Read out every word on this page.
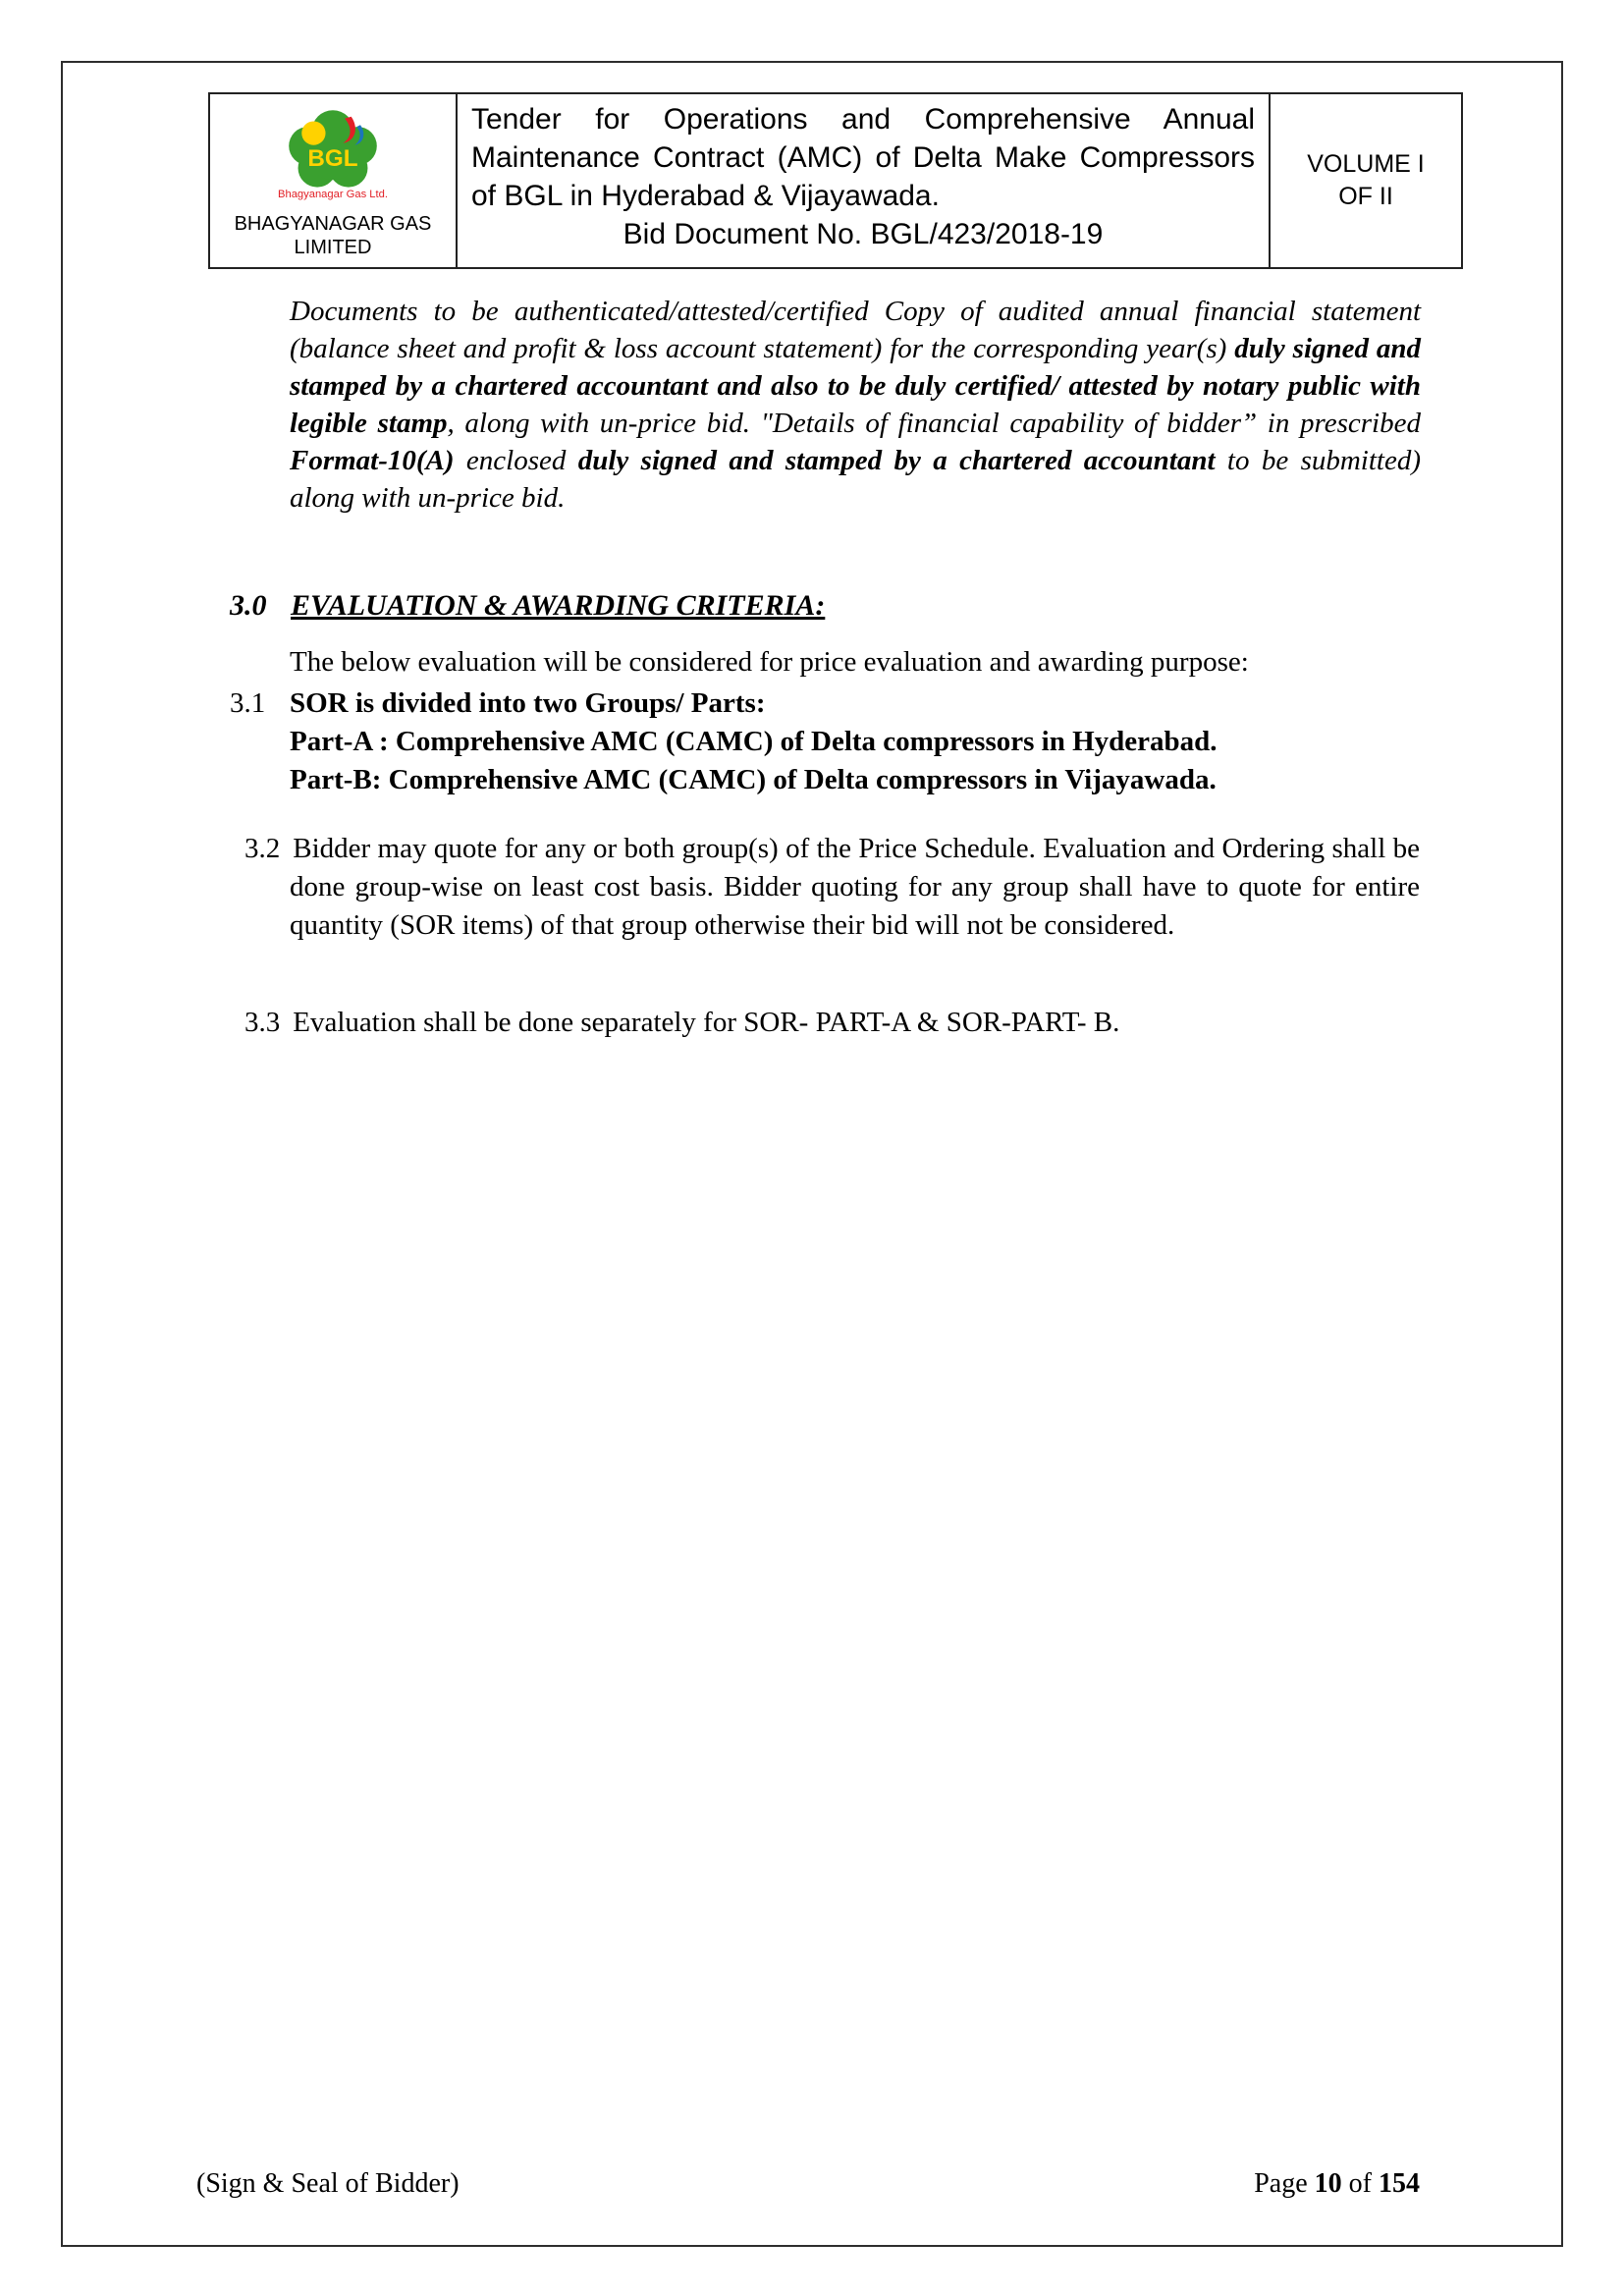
BGL
Bhagyanagar Gas Ltd.
BHAGYANAGAR GAS LIMITED
Tender for Operations and Comprehensive Annual Maintenance Contract (AMC) of Delta Make Compressors of BGL in Hyderabad & Vijayawada.
Bid Document No. BGL/423/2018-19
VOLUME I
OF II

Documents to be authenticated/attested/certified Copy of audited annual financial statement (balance sheet and profit & loss account statement) for the corresponding year(s) duly signed and stamped by a chartered accountant and also to be duly certified/ attested by notary public with legible stamp, along with un-price bid. "Details of financial capability of bidder” in prescribed Format-10(A) enclosed duly signed and stamped by a chartered accountant to be submitted) along with un-price bid.

3.0 EVALUATION & AWARDING CRITERIA:

The below evaluation will be considered for price evaluation and awarding purpose:

3.1 SOR is divided into two Groups/ Parts:
Part-A : Comprehensive AMC (CAMC) of Delta compressors in Hyderabad.
Part-B: Comprehensive AMC (CAMC) of Delta compressors in Vijayawada.

3.2 Bidder may quote for any or both group(s) of the Price Schedule. Evaluation and Ordering shall be done group-wise on least cost basis. Bidder quoting for any group shall have to quote for entire quantity (SOR items) of that group otherwise their bid will not be considered.

3.3 Evaluation shall be done separately for SOR- PART-A & SOR-PART- B.

(Sign & Seal of Bidder)	Page 10 of 154
